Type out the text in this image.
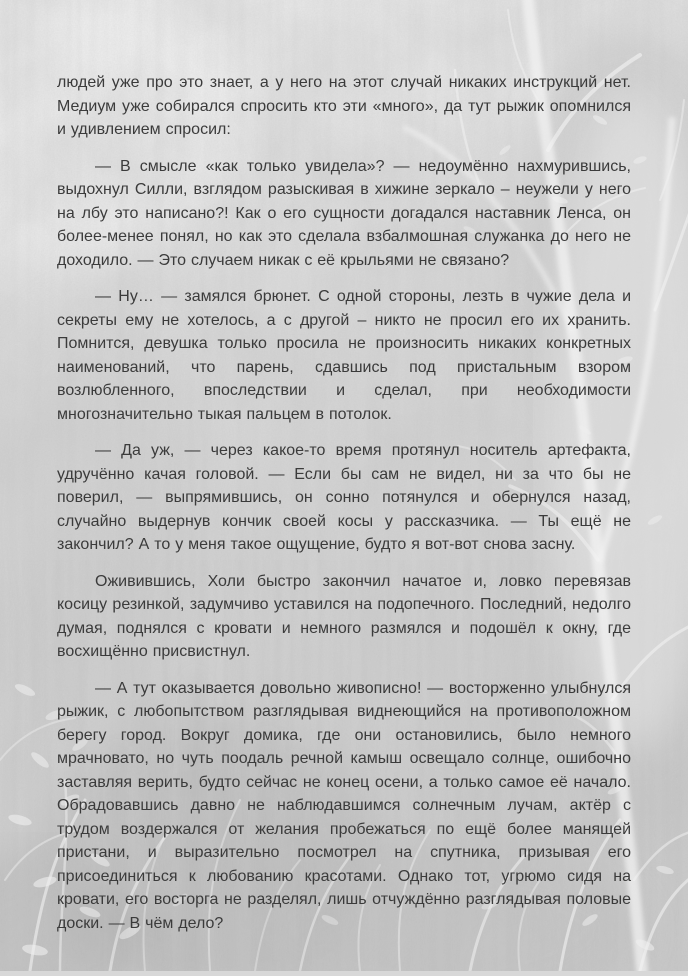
людей уже про это знает, а у него на этот случай никаких инструкций нет. Медиум уже собирался спросить кто эти «много», да тут рыжик опомнился и удивлением спросил:

— В смысле «как только увидела»? — недоумённо нахмурившись, выдохнул Силли, взглядом разыскивая в хижине зеркало – неужели у него на лбу это написано?! Как о его сущности догадался наставник Ленса, он более-менее понял, но как это сделала взбалмошная служанка до него не доходило. — Это случаем никак с её крыльями не связано?

— Ну… — замялся брюнет. С одной стороны, лезть в чужие дела и секреты ему не хотелось, а с другой – никто не просил его их хранить. Помнится, девушка только просила не произносить никаких конкретных наименований, что парень, сдавшись под пристальным взором возлюбленного, впоследствии и сделал, при необходимости многозначительно тыкая пальцем в потолок.

— Да уж, — через какое-то время протянул носитель артефакта, удручённо качая головой. — Если бы сам не видел, ни за что бы не поверил, — выпрямившись, он сонно потянулся и обернулся назад, случайно выдернув кончик своей косы у рассказчика. — Ты ещё не закончил? А то у меня такое ощущение, будто я вот-вот снова засну.

Оживившись, Холи быстро закончил начатое и, ловко перевязав косицу резинкой, задумчиво уставился на подопечного. Последний, недолго думая, поднялся с кровати и немного размялся и подошёл к окну, где восхищённо присвистнул.

— А тут оказывается довольно живописно! — восторженно улыбнулся рыжик, с любопытством разглядывая виднеющийся на противоположном берегу город. Вокруг домика, где они остановились, было немного мрачновато, но чуть поодаль речной камыш освещало солнце, ошибочно заставляя верить, будто сейчас не конец осени, а только самое её начало. Обрадовавшись давно не наблюдавшимся солнечным лучам, актёр с трудом воздержался от желания пробежаться по ещё более манящей пристани, и выразительно посмотрел на спутника, призывая его присоединиться к любованию красотами. Однако тот, угрюмо сидя на кровати, его восторга не разделял, лишь отчуждённо разглядывая половые доски. — В чём дело?
